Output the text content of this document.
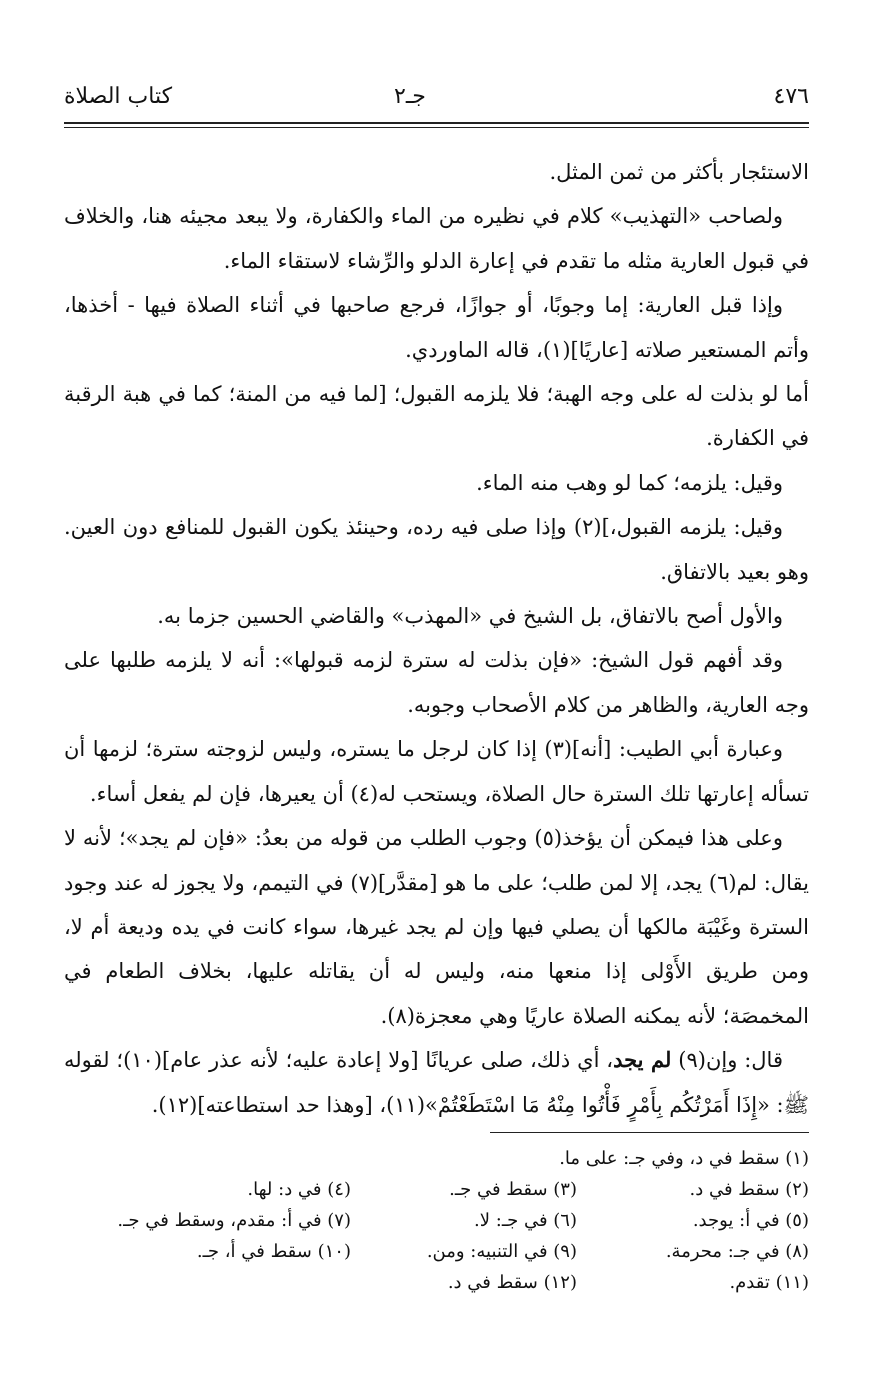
٤٧٦
جـ٢
كتاب الصلاة

الاستئجار بأكثر من ثمن المثل.

ولصاحب «التهذيب» كلام في نظيره من الماء والكفارة، ولا يبعد مجيئه هنا، والخلاف في قبول العارية مثله ما تقدم في إعارة الدلو والرِّشاء لاستقاء الماء.

وإذا قبل العارية: إما وجوبًا، أو جوازًا، فرجع صاحبها في أثناء الصلاة فيها - أخذها، وأتم المستعير صلاته [عاريًا](١)، قاله الماوردي.

أما لو بذلت له على وجه الهبة؛ فلا يلزمه القبول؛ [لما فيه من المنة؛ كما في هبة الرقبة في الكفارة.

وقيل: يلزمه؛ كما لو وهب منه الماء.

وقيل: يلزمه القبول،](٢) وإذا صلى فيه رده، وحينئذ يكون القبول للمنافع دون العين. وهو بعيد بالاتفاق.

والأول أصح بالاتفاق، بل الشيخ في «المهذب» والقاضي الحسين جزما به.

وقد أفهم قول الشيخ: «فإن بذلت له سترة لزمه قبولها»: أنه لا يلزمه طلبها على وجه العارية، والظاهر من كلام الأصحاب وجوبه.

وعبارة أبي الطيب: [أنه](٣) إذا كان لرجل ما يستره، وليس لزوجته سترة؛ لزمها أن تسأله إعارتها تلك السترة حال الصلاة، ويستحب له(٤) أن يعيرها، فإن لم يفعل أساء.

وعلى هذا فيمكن أن يؤخذ(٥) وجوب الطلب من قوله من بعدُ: «فإن لم يجد»؛ لأنه لا يقال: لم(٦) يجد، إلا لمن طلب؛ على ما هو [مقدَّر](٧) في التيمم، ولا يجوز له عند وجود السترة وغَيْبَة مالكها أن يصلي فيها وإن لم يجد غيرها، سواء كانت في يده وديعة أم لا، ومن طريق الأَوْلى إذا منعها منه، وليس له أن يقاتله عليها، بخلاف الطعام في المخمصَة؛ لأنه يمكنه الصلاة عاريًا وهي معجزة(٨).

قال: وإن(٩) لم يجد، أي ذلك، صلى عريانًا [ولا إعادة عليه؛ لأنه عذر عام](١٠)؛ لقوله ﷺ: «إِذَا أَمَرْتُكُم بِأَمْرٍ فَأْتُوا مِنْهُ مَا اسْتَطَعْتُمْ»(١١)، [وهذا حد استطاعته](١٢).

(١) سقط في د، وفي جـ: على ما.
(٢) سقط في د.
(٣) سقط في جـ.
(٤) في د: لها.
(٥) في أ: يوجد.
(٦) في جـ: لا.
(٧) في أ: مقدم، وسقط في جـ.
(٨) في جـ: محرمة.
(٩) في التنبيه: ومن.
(١٠) سقط في أ، جـ.
(١١) تقدم.
(١٢) سقط في د.
